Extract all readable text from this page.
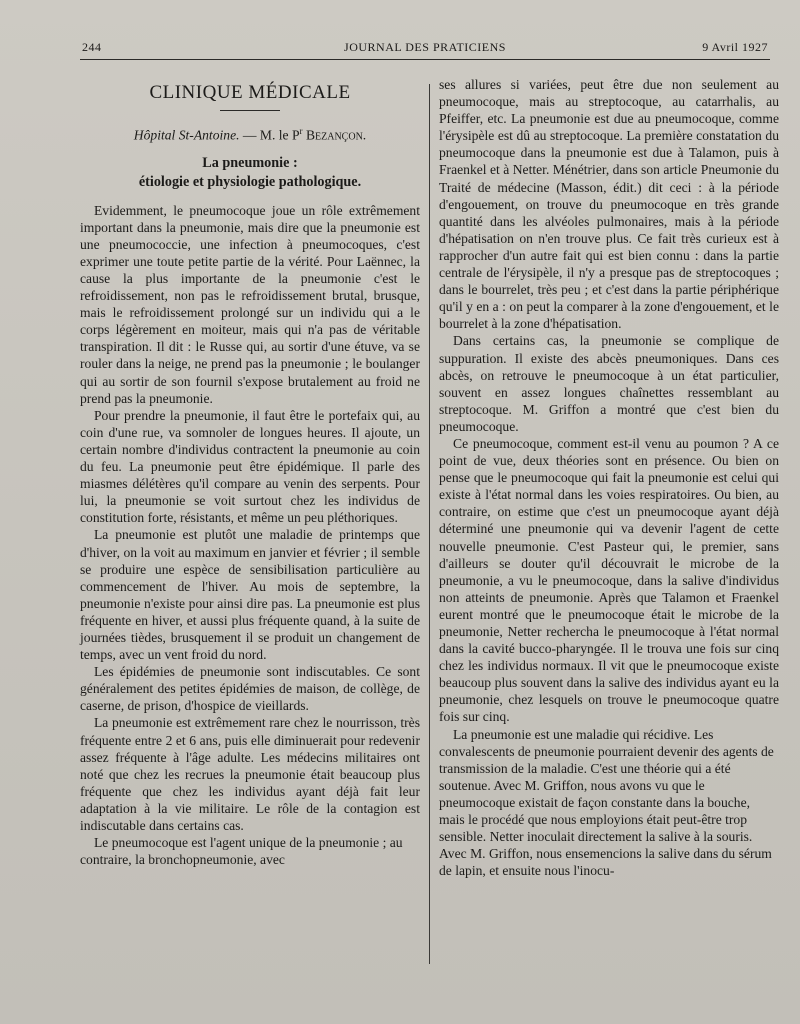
244	JOURNAL DES PRATICIENS	9 Avril 1927
CLINIQUE MÉDICALE
Hôpital St-Antoine. — M. le $P^r$ Bezançon.

La pneumonie :

étiologie et physiologie pathologique.

Evidemment, le pneumocoque joue un rôle extrêmement important dans la pneumonie, mais dire que la pneumonie est une pneumococcie, une infection à pneumocoques, c'est exprimer une toute petite partie de la vérité. Pour Laënnec, la cause la plus importante de la pneumonie c'est le refroidissement, non pas le refroidissement brutal, brusque, mais le refroidissement prolongé sur un individu qui a le corps légèrement en moiteur, mais qui n'a pas de véritable transpiration. Il dit : le Russe qui, au sortir d'une étuve, va se rouler dans la neige, ne prend pas la pneumonie ; le boulanger qui au sortir de son fournil s'expose brutalement au froid ne prend pas la pneumonie.

Pour prendre la pneumonie, il faut être le portefaix qui, au coin d'une rue, va somnoler de longues heures. Il ajoute, un certain nombre d'individus contractent la pneumonie au coin du feu. La pneumonie peut être épidémique. Il parle des miasmes délétères qu'il compare au venin des serpents. Pour lui, la pneumonie se voit surtout chez les individus de constitution forte, résistants, et même un peu pléthoriques.

La pneumonie est plutôt une maladie de printemps que d'hiver, on la voit au maximum en janvier et février ; il semble se produire une espèce de sensibilisation particulière au commencement de l'hiver. Au mois de septembre, la pneumonie n'existe pour ainsi dire pas. La pneumonie est plus fréquente en hiver, et aussi plus fréquente quand, à la suite de journées tièdes, brusquement il se produit un changement de temps, avec un vent froid du nord.

Les épidémies de pneumonie sont indiscutables. Ce sont généralement des petites épidémies de maison, de collège, de caserne, de prison, d'hospice de vieillards.

La pneumonie est extrêmement rare chez le nourrisson, très fréquente entre 2 et 6 ans, puis elle diminuerait pour redevenir assez fréquente à l'âge adulte. Les médecins militaires ont noté que chez les recrues la pneumonie était beaucoup plus fréquente que chez les individus ayant déjà fait leur adaptation à la vie militaire. Le rôle de la contagion est indiscutable dans certains cas.

Le pneumocoque est l'agent unique de la pneumonie ; au contraire, la bronchopneumonie, avec

ses allures si variées, peut être due non seulement au pneumocoque, mais au streptocoque, au catarrhalis, au Pfeiffer, etc. La pneumonie est due au pneumocoque, comme l'érysipèle est dû au streptocoque. La première constatation du pneumocoque dans la pneumonie est due à Talamon, puis à Fraenkel et à Netter. Ménétrier, dans son article Pneumonie du Traité de médecine (Masson, édit.) dit ceci : à la période d'engouement, on trouve du pneumocoque en très grande quantité dans les alvéoles pulmonaires, mais à la période d'hépatisation on n'en trouve plus. Ce fait très curieux est à rapprocher d'un autre fait qui est bien connu : dans la partie centrale de l'érysipèle, il n'y a presque pas de streptocoques ; dans le bourrelet, très peu ; et c'est dans la partie périphérique qu'il y en a : on peut la comparer à la zone d'engouement, et le bourrelet à la zone d'hépatisation.

Dans certains cas, la pneumonie se complique de suppuration. Il existe des abcès pneumoniques. Dans ces abcès, on retrouve le pneumocoque à un état particulier, souvent en assez longues chaînettes ressemblant au streptocoque. M. Griffon a montré que c'est bien du pneumocoque.

Ce pneumocoque, comment est-il venu au poumon ? A ce point de vue, deux théories sont en présence. Ou bien on pense que le pneumocoque qui fait la pneumonie est celui qui existe à l'état normal dans les voies respiratoires. Ou bien, au contraire, on estime que c'est un pneumocoque ayant déjà déterminé une pneumonie qui va devenir l'agent de cette nouvelle pneumonie. C'est Pasteur qui, le premier, sans d'ailleurs se douter qu'il découvrait le microbe de la pneumonie, a vu le pneumocoque, dans la salive d'individus non atteints de pneumonie. Après que Talamon et Fraenkel eurent montré que le pneumocoque était le microbe de la pneumonie, Netter rechercha le pneumocoque à l'état normal dans la cavité bucco-pharyngée. Il le trouva une fois sur cinq chez les individus normaux. Il vit que le pneumocoque existe beaucoup plus souvent dans la salive des individus ayant eu la pneumonie, chez lesquels on trouve le pneumocoque quatre fois sur cinq.

La pneumonie est une maladie qui récidive. Les convalescents de pneumonie pourraient devenir des agents de transmission de la maladie. C'est une théorie qui a été soutenue. Avec M. Griffon, nous avons vu que le pneumocoque existait de façon constante dans la bouche, mais le procédé que nous employions était peut-être trop sensible. Netter inoculait directement la salive à la souris. Avec M. Griffon, nous ensemencions la salive dans du sérum de lapin, et ensuite nous l'inocu-
